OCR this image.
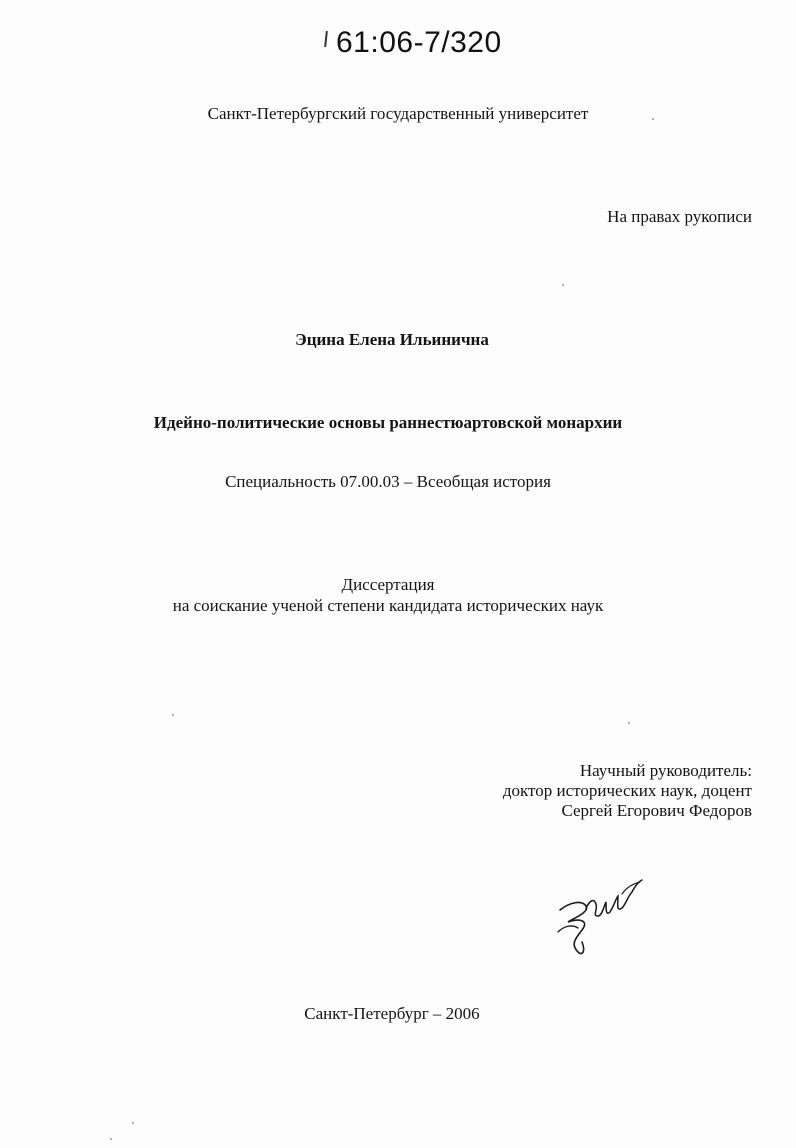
61:06-7/320
Санкт-Петербургский государственный университет
На правах рукописи
Эцина Елена Ильинична
Идейно-политические основы раннестюартовской монархии
Специальность 07.00.03 – Всеобщая история
Диссертация
на соискание ученой степени кандидата исторических наук
Научный руководитель:
доктор исторических наук, доцент
Сергей Егорович Федоров
Санкт-Петербург – 2006
